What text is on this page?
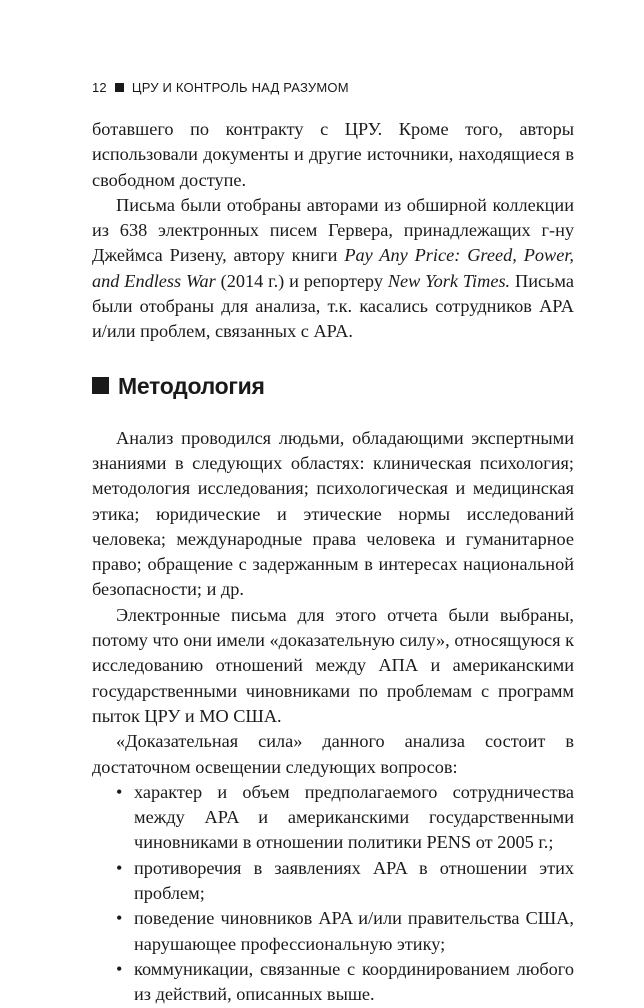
12 ЦРУ И КОНТРОЛЬ НАД РАЗУМОМ

ботавшего по контракту с ЦРУ. Кроме того, авторы использовали документы и другие источники, находящиеся в свободном доступе.

Письма были отобраны авторами из обширной коллекции из 638 электронных писем Гервера, принадлежащих г-ну Джеймса Ризену, автору книги Pay Any Price: Greed, Power, and Endless War (2014 г.) и репортеру New York Times. Письма были отобраны для анализа, т.к. касались сотрудников APA и/или проблем, связанных с APA.

Методология

Анализ проводился людьми, обладающими экспертными знаниями в следующих областях: клиническая психология; методология исследования; психологическая и медицинская этика; юридические и этические нормы исследований человека; международные права человека и гуманитарное право; обращение с задержанным в интересах национальной безопасности; и др.

Электронные письма для этого отчета были выбраны, потому что они имели «доказательную силу», относящуюся к исследованию отношений между АПА и американскими государственными чиновниками по проблемам с программ пыток ЦРУ и МО США.

«Доказательная сила» данного анализа состоит в достаточном освещении следующих вопросов:

• характер и объем предполагаемого сотрудничества между APA и американскими государственными чиновниками в отношении политики PENS от 2005 г.;
• противоречия в заявлениях APA в отношении этих проблем;
• поведение чиновников APA и/или правительства США, нарушающее профессиональную этику;
• коммуникации, связанные с координированием любого из действий, описанных выше.
